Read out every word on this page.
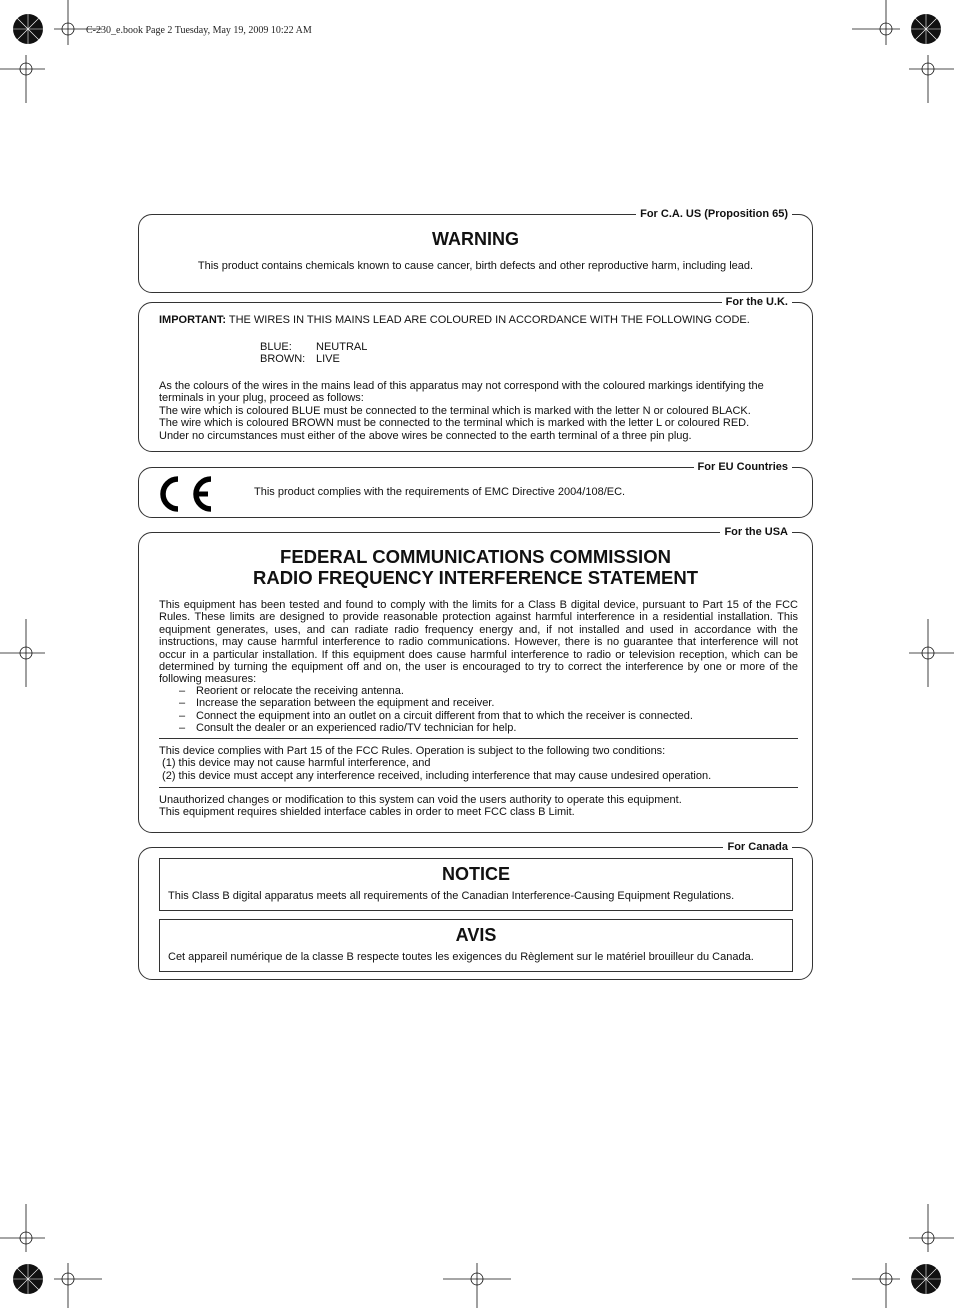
C-230_e.book Page 2 Tuesday, May 19, 2009 10:22 AM
For C.A. US (Proposition 65)
WARNING
This product contains chemicals known to cause cancer, birth defects and other reproductive harm, including lead.
For the U.K.
IMPORTANT: THE WIRES IN THIS MAINS LEAD ARE COLOURED IN ACCORDANCE WITH THE FOLLOWING CODE.
BLUE: NEUTRAL
BROWN: LIVE
As the colours of the wires in the mains lead of this apparatus may not correspond with the coloured markings identifying the terminals in your plug, proceed as follows:
The wire which is coloured BLUE must be connected to the terminal which is marked with the letter N or coloured BLACK.
The wire which is coloured BROWN must be connected to the terminal which is marked with the letter L or coloured RED.
Under no circumstances must either of the above wires be connected to the earth terminal of a three pin plug.
For EU Countries
This product complies with the requirements of EMC Directive 2004/108/EC.
For the USA
FEDERAL COMMUNICATIONS COMMISSION
RADIO FREQUENCY INTERFERENCE STATEMENT
This equipment has been tested and found to comply with the limits for a Class B digital device, pursuant to Part 15 of the FCC Rules. These limits are designed to provide reasonable protection against harmful interference in a residential installation. This equipment generates, uses, and can radiate radio frequency energy and, if not installed and used in accordance with the instructions, may cause harmful interference to radio communications. However, there is no guarantee that interference will not occur in a particular installation. If this equipment does cause harmful interference to radio or television reception, which can be determined by turning the equipment off and on, the user is encouraged to try to correct the interference by one or more of the following measures:
– Reorient or relocate the receiving antenna.
– Increase the separation between the equipment and receiver.
– Connect the equipment into an outlet on a circuit different from that to which the receiver is connected.
– Consult the dealer or an experienced radio/TV technician for help.
This device complies with Part 15 of the FCC Rules. Operation is subject to the following two conditions:
(1) this device may not cause harmful interference, and
(2) this device must accept any interference received, including interference that may cause undesired operation.
Unauthorized changes or modification to this system can void the users authority to operate this equipment.
This equipment requires shielded interface cables in order to meet FCC class B Limit.
For Canada
NOTICE
This Class B digital apparatus meets all requirements of the Canadian Interference-Causing Equipment Regulations.
AVIS
Cet appareil numérique de la classe B respecte toutes les exigences du Règlement sur le matériel brouilleur du Canada.
